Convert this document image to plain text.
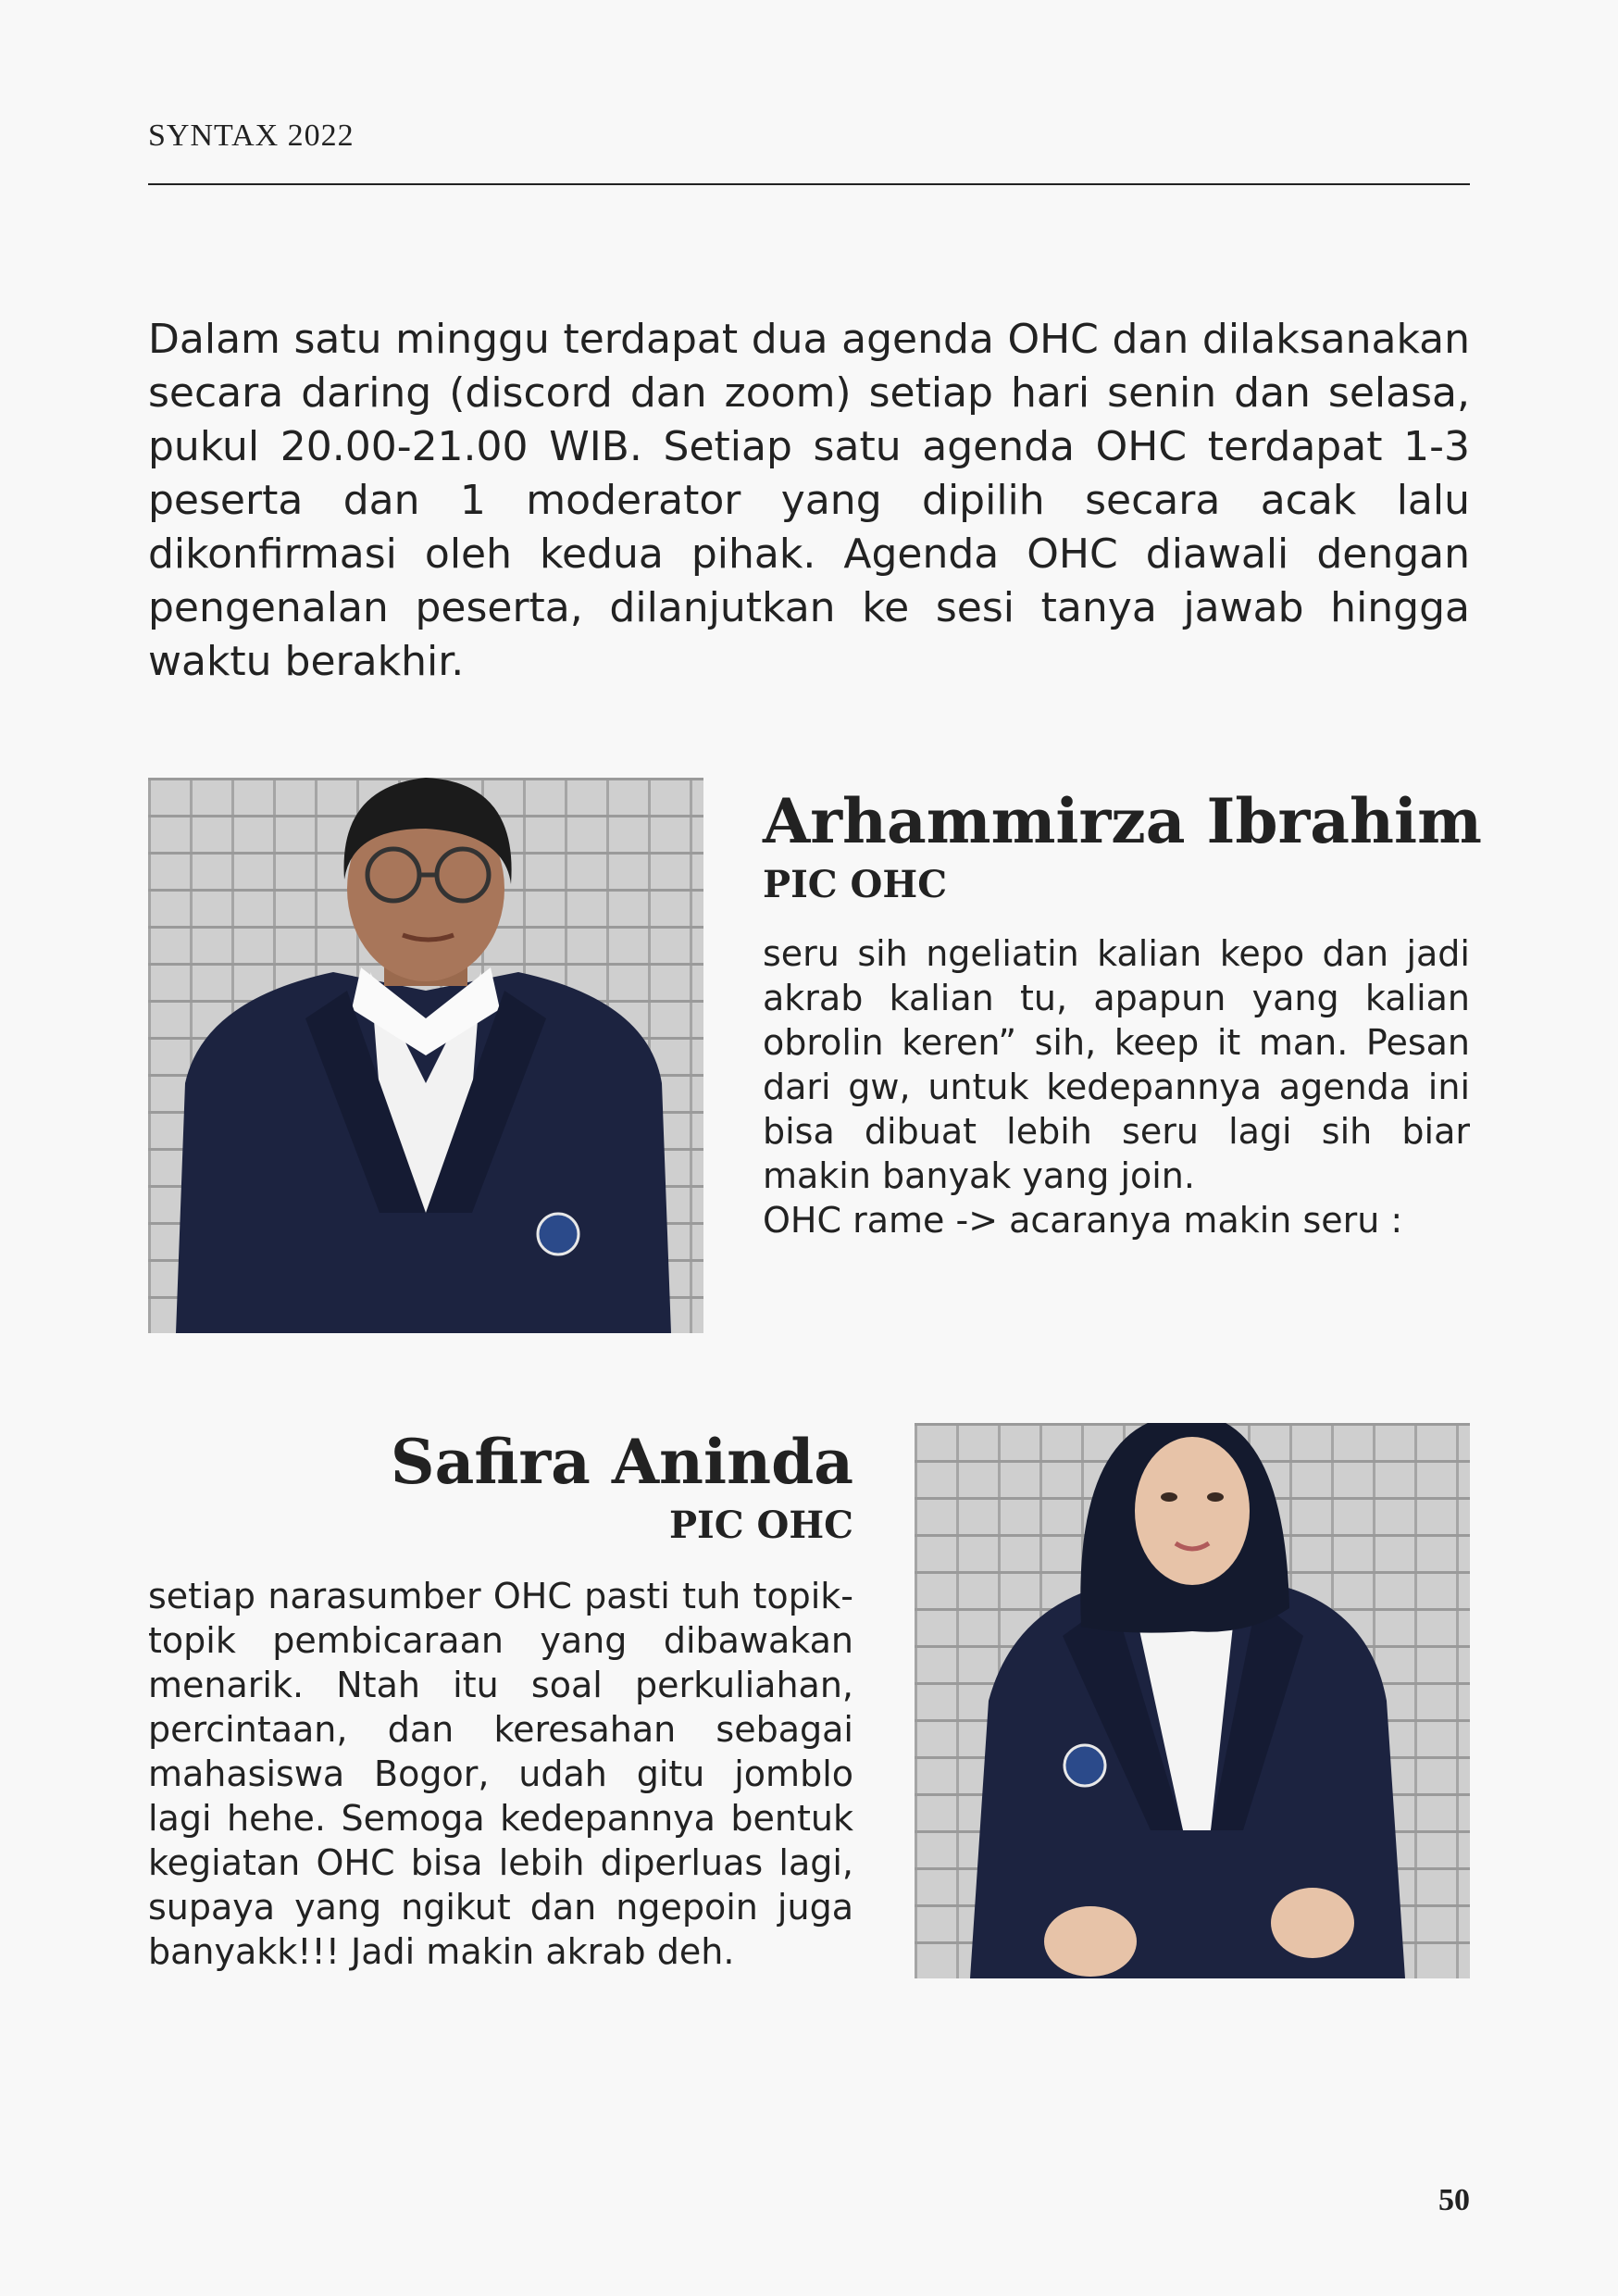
SYNTAX 2022

Dalam satu minggu terdapat dua agenda OHC dan dilaksanakan secara daring (discord dan zoom) setiap hari senin dan selasa, pukul 20.00-21.00 WIB. Setiap satu agenda OHC terdapat 1-3 peserta dan 1 moderator yang dipilih secara acak lalu dikonfirmasi oleh kedua pihak. Agenda OHC diawali dengan pengenalan peserta, dilanjutkan ke sesi tanya jawab hingga waktu berakhir.

Arhammirza Ibrahim
PIC OHC
seru sih ngeliatin kalian kepo dan jadi akrab kalian tu, apapun yang kalian obrolin keren” sih, keep it man. Pesan dari gw, untuk kedepannya agenda ini bisa dibuat lebih seru lagi sih biar makin banyak yang join.
OHC rame -> acaranya makin seru :
Safira Aninda
PIC OHC
setiap narasumber OHC pasti tuh topik-topik pembicaraan yang dibawakan menarik. Ntah itu soal perkuliahan, percintaan, dan keresahan sebagai mahasiswa Bogor, udah gitu jomblo lagi hehe. Semoga kedepannya bentuk kegiatan OHC bisa lebih diperluas lagi, supaya yang ngikut dan ngepoin juga banyakk!!! Jadi makin akrab deh.
50
